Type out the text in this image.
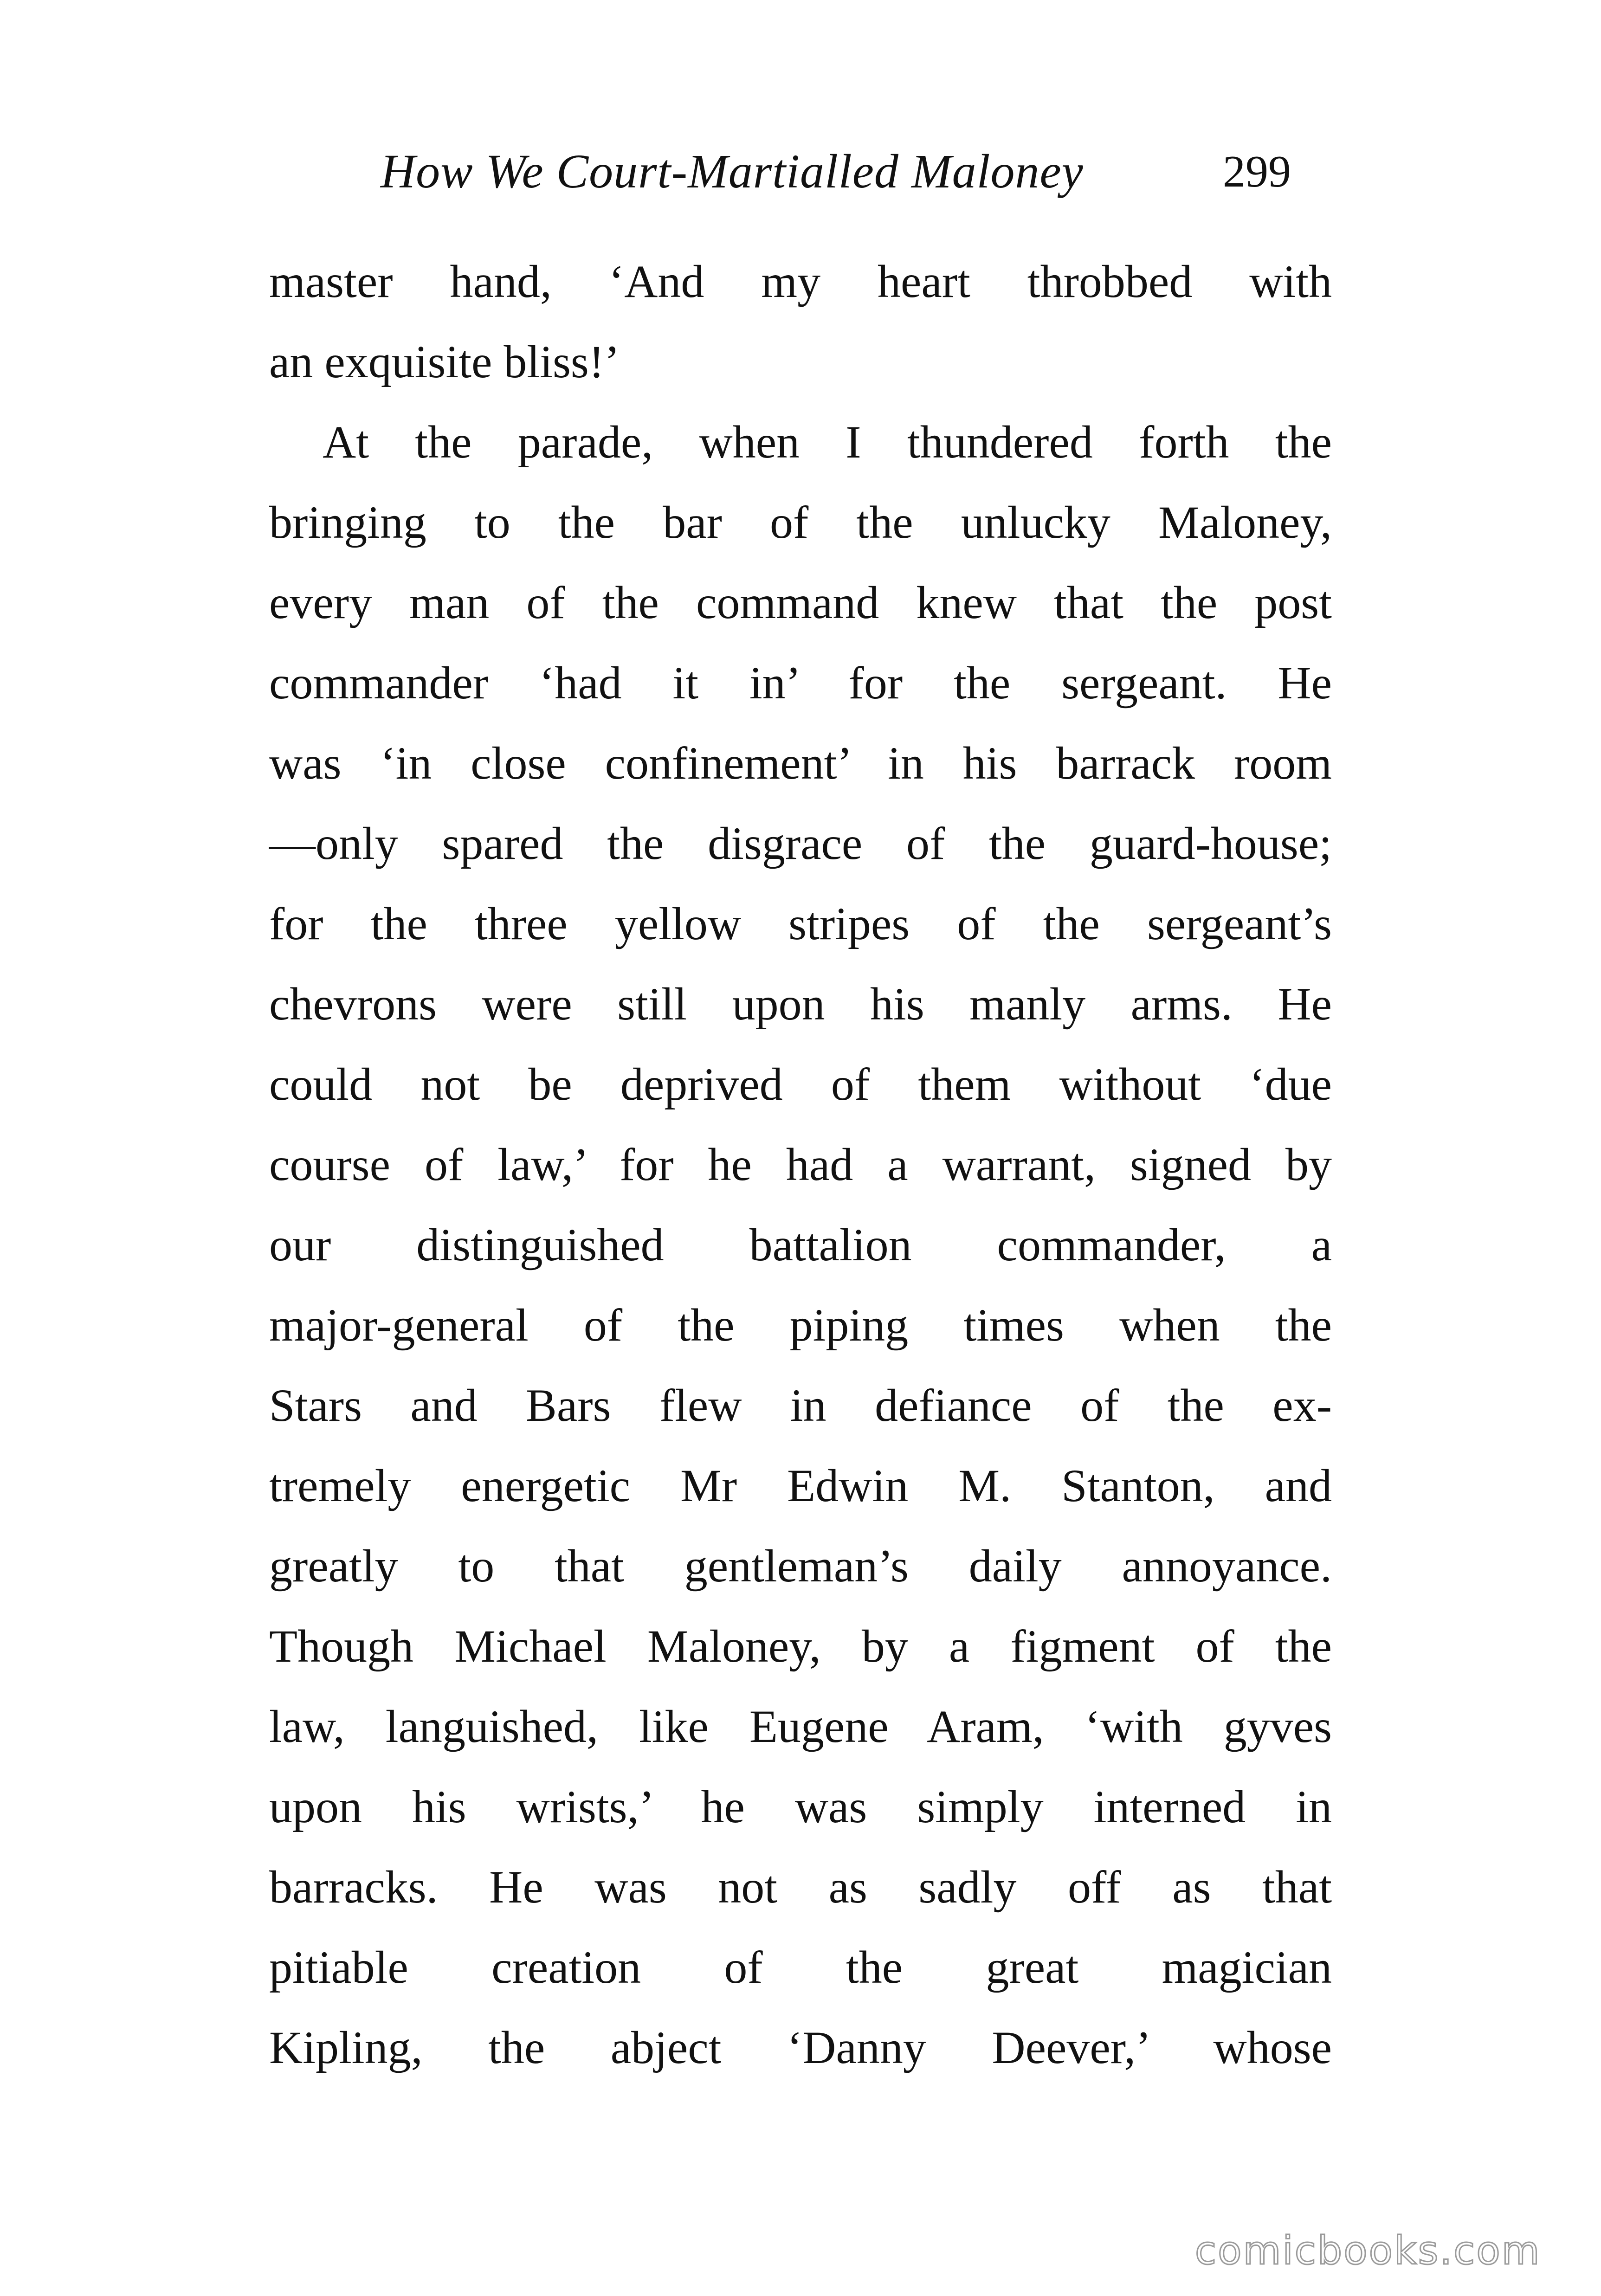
How We Court-Martialled Maloney	299
master hand, ‘And my heart throbbed with
an exquisite bliss!’
At the parade, when I thundered forth the
bringing to the bar of the unlucky Maloney,
every man of the command knew that the post
commander ‘had it in’ for the sergeant. He
was ‘in close confinement’ in his barrack room
—only spared the disgrace of the guard-house;
for the three yellow stripes of the sergeant’s
chevrons were still upon his manly arms. He
could not be deprived of them without ‘due
course of law,’ for he had a warrant, signed by
our distinguished battalion commander, a
major-general of the piping times when the
Stars and Bars flew in defiance of the ex-
tremely energetic Mr Edwin M. Stanton, and
greatly to that gentleman’s daily annoyance.
Though Michael Maloney, by a figment of the
law, languished, like Eugene Aram, ‘with gyves
upon his wrists,’ he was simply interned in
barracks. He was not as sadly off as that
pitiable creation of the great magician
Kipling, the abject ‘Danny Deever,’ whose
comicbooks.com
